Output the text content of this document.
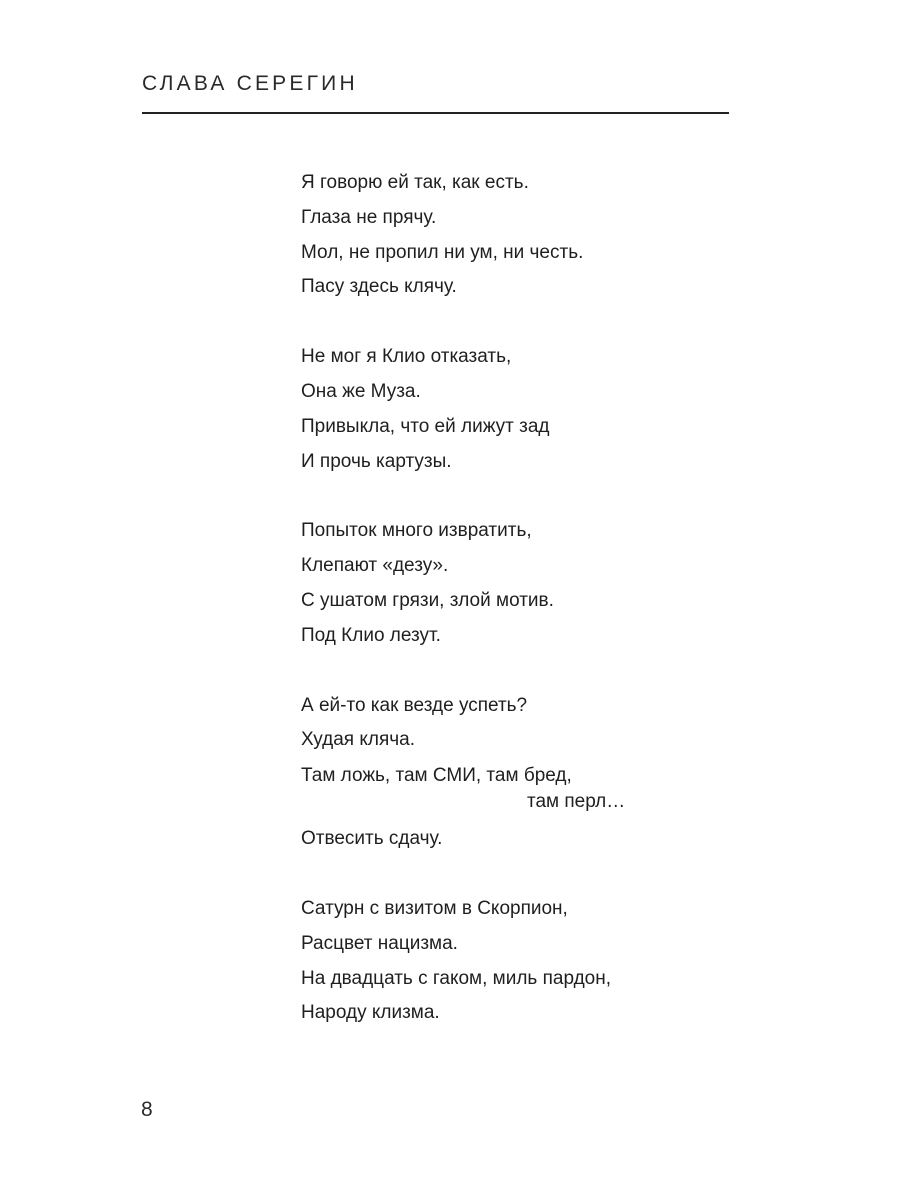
СЛАВА СЕРЕГИН
Я говорю ей так, как есть.
Глаза не прячу.
Мол, не пропил ни ум, ни честь.
Пасу здесь клячу.
Не мог я Клио отказать,
Она же Муза.
Привыкла, что ей лижут зад
И прочь картузы.
Попыток много извратить,
Клепают «дезу».
С ушатом грязи, злой мотив.
Под Клио лезут.
А ей-то как везде успеть?
Худая кляча.
Там ложь, там СМИ, там бред,
там перл…
Отвесить сдачу.
Сатурн с визитом в Скорпион,
Расцвет нацизма.
На двадцать с гаком, миль пардон,
Народу клизма.
8
